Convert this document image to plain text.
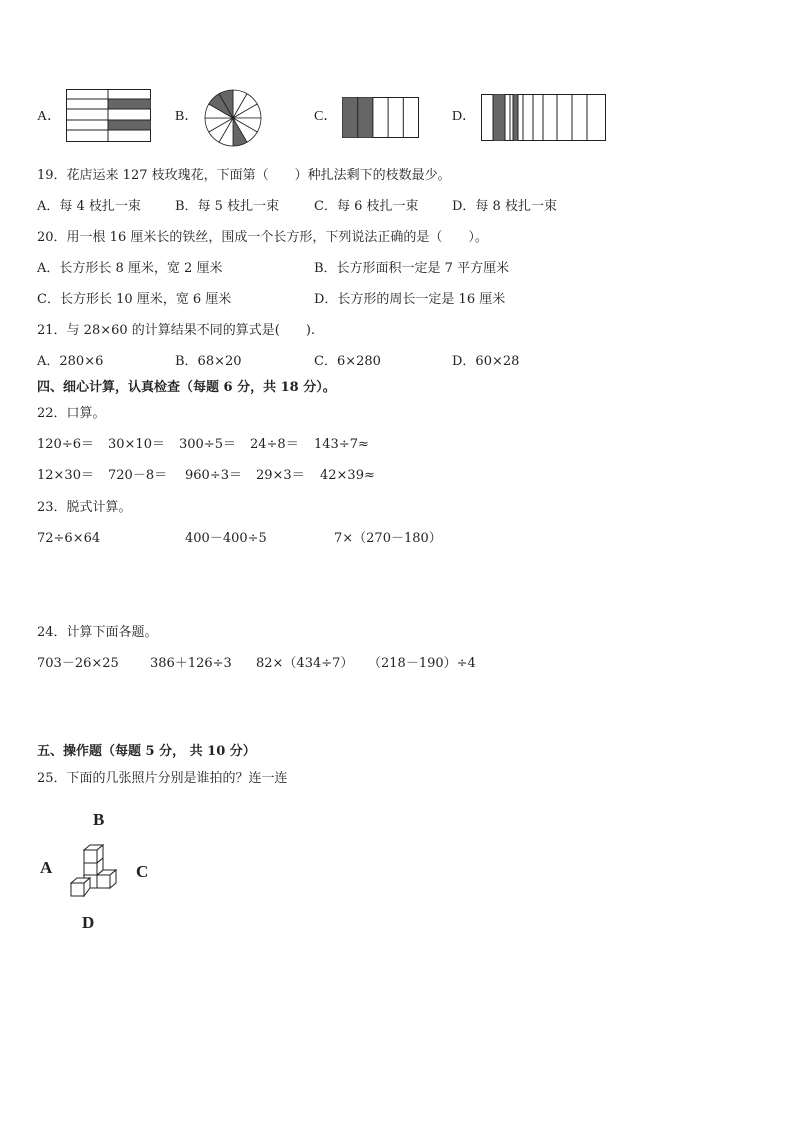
A．	B．	C．	D．
19．花店运来 127 枝玫瑰花，下面第（　　）种扎法剩下的枝数最少。
A．每 4 枝扎一束	B．每 5 枝扎一束	C．每 6 枝扎一束	D．每 8 枝扎一束
20．用一根 16 厘米长的铁丝，围成一个长方形，下列说法正确的是（　　）。
A．长方形长 8 厘米，宽 2 厘米	B．长方形面积一定是 7 平方厘米
C．长方形长 10 厘米，宽 6 厘米	D．长方形的周长一定是 16 厘米
21．与 28×60 的计算结果不同的算式是(　　).
A．280×6	B．68×20	C．6×280	D．60×28
四、细心计算，认真检查（每题 6 分，共 18 分）。
22．口算。
120÷6＝ 30×10＝ 300÷5＝ 24÷8＝ 143÷7≈
12×30＝ 720－8＝ 960÷3＝ 29×3＝ 42×39≈
23．脱式计算。
72÷6×64	400－400÷5	7×（270－180）
24．计算下面各题。
703－26×25 386＋126÷3 82×（434÷7） （218－190）÷4
五、操作题（每题 5 分， 共 10 分）
25．下面的几张照片分别是谁拍的？连一连
B
A	C
D
